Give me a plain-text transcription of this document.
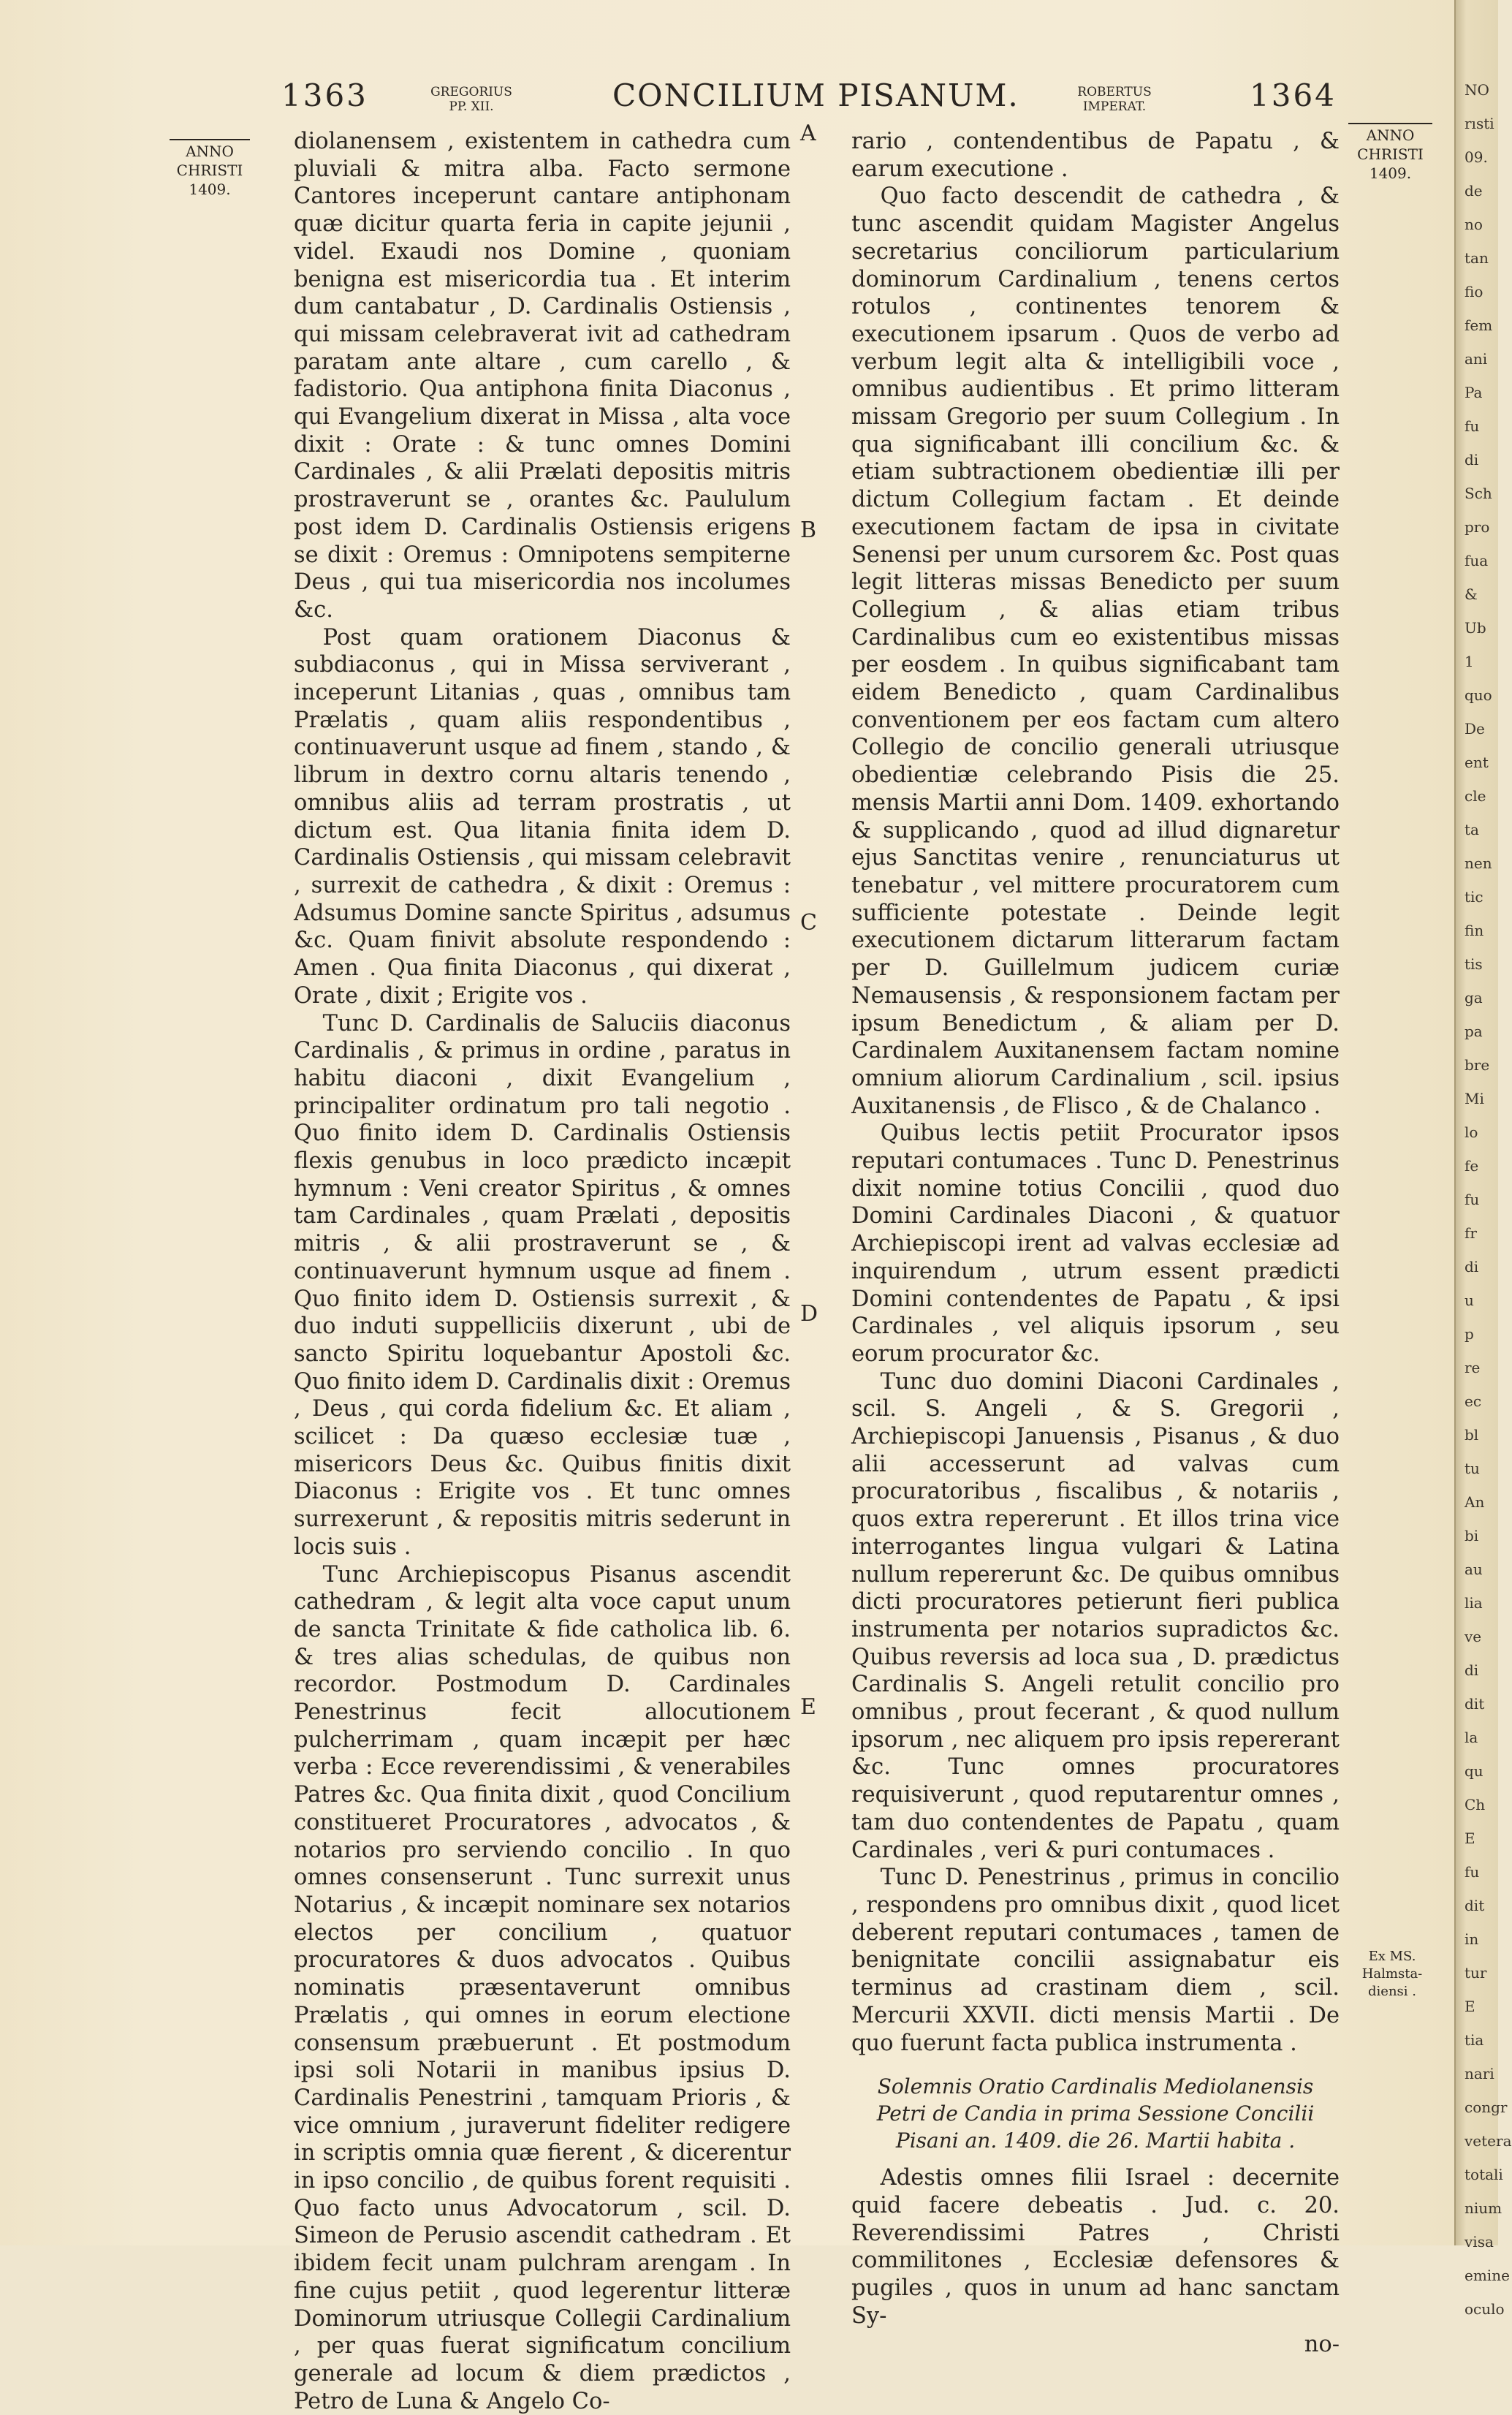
1363	GREGORIUS
PP. XII.	CONCILIUM PISANUM.	ROBERTUS
IMPERAT.	1364
ANNO
CHRISTI
1409.
ANNO
CHRISTI
1409.

diolanensem , existentem in cathedra cum pluviali & mitra alba. Facto sermone Cantores inceperunt cantare antiphonam quæ dicitur quarta feria in capite jejunii , videl. Exaudi nos Domine , quoniam benigna est misericordia tua . Et interim dum cantabatur , D. Cardinalis Ostiensis , qui missam celebraverat ivit ad cathedram paratam ante altare , cum carello , & fadistorio. Qua antiphona finita Diaconus , qui Evangelium dixerat in Missa , alta voce dixit : Orate : & tunc omnes Domini Cardinales , & alii Prælati depositis mitris prostraverunt se , orantes &c. Paululum post idem D. Cardinalis Ostiensis erigens se dixit : Oremus : Omnipotens sempiterne Deus , qui tua misericordia nos incolumes &c.

Post quam orationem Diaconus & subdiaconus , qui in Missa serviverant , inceperunt Litanias , quas , omnibus tam Prælatis , quam aliis respondentibus , continuaverunt usque ad finem , stando , & librum in dextro cornu altaris tenendo , omnibus aliis ad terram prostratis , ut dictum est. Qua litania finita idem D. Cardinalis Ostiensis , qui missam celebravit , surrexit de cathedra , & dixit : Oremus : Adsumus Domine sancte Spiritus , adsumus &c. Quam finivit absolute respondendo : Amen . Qua finita Diaconus , qui dixerat , Orate , dixit ; Erigite vos .

Tunc D. Cardinalis de Saluciis diaconus Cardinalis , & primus in ordine , paratus in habitu diaconi , dixit Evangelium , principaliter ordinatum pro tali negotio . Quo finito idem D. Cardinalis Ostiensis flexis genubus in loco prædicto incæpit hymnum : Veni creator Spiritus , & omnes tam Cardinales , quam Prælati , depositis mitris , & alii prostraverunt se , & continuaverunt hymnum usque ad finem . Quo finito idem D. Ostiensis surrexit , & duo induti suppelliciis dixerunt , ubi de sancto Spiritu loquebantur Apostoli &c. Quo finito idem D. Cardinalis dixit : Oremus , Deus , qui corda fidelium &c. Et aliam , scilicet : Da quæso ecclesiæ tuæ , misericors Deus &c. Quibus finitis dixit Diaconus : Erigite vos . Et tunc omnes surrexerunt , & repositis mitris sederunt in locis suis .

Tunc Archiepiscopus Pisanus ascendit cathedram , & legit alta voce caput unum de sancta Trinitate & fide catholica lib. 6. & tres alias schedulas, de quibus non recordor. Postmodum D. Cardinales Penestrinus fecit allocutionem pulcherrimam , quam incæpit per hæc verba : Ecce reverendissimi , & venerabiles Patres &c. Qua finita dixit , quod Concilium constitueret Procuratores , advocatos , & notarios pro serviendo concilio . In quo omnes consenserunt . Tunc surrexit unus Notarius , & incæpit nominare sex notarios electos per concilium , quatuor procuratores & duos advocatos . Quibus nominatis præsentaverunt omnibus Prælatis , qui omnes in eorum electione consensum præbuerunt . Et postmodum ipsi soli Notarii in manibus ipsius D. Cardinalis Penestrini , tamquam Prioris , & vice omnium , juraverunt fideliter redigere in scriptis omnia quæ fierent , & dicerentur in ipso concilio , de quibus forent requisiti . Quo facto unus Advocatorum , scil. D. Simeon de Perusio ascendit cathedram . Et ibidem fecit unam pulchram arengam . In fine cujus petiit , quod legerentur litteræ Dominorum utriusque Collegii Cardinalium , per quas fuerat significatum concilium generale ad locum & diem prædictos , Petro de Luna & Angelo Co-

A
B
C
D
E

rario , contendentibus de Papatu , & earum executione .

Quo facto descendit de cathedra , & tunc ascendit quidam Magister Angelus secretarius conciliorum particularium dominorum Cardinalium , tenens certos rotulos , continentes tenorem & executionem ipsarum . Quos de verbo ad verbum legit alta & intelligibili voce , omnibus audientibus . Et primo litteram missam Gregorio per suum Collegium . In qua significabant illi concilium &c. & etiam subtractionem obedientiæ illi per dictum Collegium factam . Et deinde executionem factam de ipsa in civitate Senensi per unum cursorem &c. Post quas legit litteras missas Benedicto per suum Collegium , & alias etiam tribus Cardinalibus cum eo existentibus missas per eosdem . In quibus significabant tam eidem Benedicto , quam Cardinalibus conventionem per eos factam cum altero Collegio de concilio generali utriusque obedientiæ celebrando Pisis die 25. mensis Martii anni Dom. 1409. exhortando & supplicando , quod ad illud dignaretur ejus Sanctitas venire , renunciaturus ut tenebatur , vel mittere procuratorem cum sufficiente potestate . Deinde legit executionem dictarum litterarum factam per D. Guillelmum judicem curiæ Nemausensis , & responsionem factam per ipsum Benedictum , & aliam per D. Cardinalem Auxitanensem factam nomine omnium aliorum Cardinalium , scil. ipsius Auxitanensis , de Flisco , & de Chalanco .

Quibus lectis petiit Procurator ipsos reputari contumaces . Tunc D. Penestrinus dixit nomine totius Concilii , quod duo Domini Cardinales Diaconi , & quatuor Archiepiscopi irent ad valvas ecclesiæ ad inquirendum , utrum essent prædicti Domini contendentes de Papatu , & ipsi Cardinales , vel aliquis ipsorum , seu eorum procurator &c.

Tunc duo domini Diaconi Cardinales , scil. S. Angeli , & S. Gregorii , Archiepiscopi Januensis , Pisanus , & duo alii accesserunt ad valvas cum procuratoribus , fiscalibus , & notariis , quos extra repererunt . Et illos trina vice interrogantes lingua vulgari & Latina nullum repererunt &c. De quibus omnibus dicti procuratores petierunt fieri publica instrumenta per notarios supradictos &c. Quibus reversis ad loca sua , D. prædictus Cardinalis S. Angeli retulit concilio pro omnibus , prout fecerant , & quod nullum ipsorum , nec aliquem pro ipsis repererant &c. Tunc omnes procuratores requisiverunt , quod reputarentur omnes , tam duo contendentes de Papatu , quam Cardinales , veri & puri contumaces .

Tunc D. Penestrinus , primus in concilio , respondens pro omnibus dixit , quod licet deberent reputari contumaces , tamen de benignitate concilii assignabatur eis terminus ad crastinam diem , scil. Mercurii XXVII. dicti mensis Martii . De quo fuerunt facta publica instrumenta .

Solemnis Oratio Cardinalis Mediolanensis Petri de Candia in prima Sessione Concilii Pisani an. 1409. die 26. Martii habita .

Adestis omnes filii Israel : decernite quid facere debeatis . Jud. c. 20. Reverendissimi Patres , Christi commilitones , Ecclesiæ defensores & pugiles , quos in unum ad hanc sanctam Sy-

no-
Ex MS.
Halmsta-
diensi .
NO
rısti
09.
de
no
tan
fio
fem
ani
Pa
fu
di
Sch
pro
fua
&
Ub
1
quo
De
ent
cle
ta
nen
tic
fin
tis
ga
pa
bre
Mi
lo
fe
fu
fr
di
u
p
re
ec
bl
tu
An
bi
au
lia
ve
di
dit
la
qu
Ch
E
fu
dit
in
tur
E
tia
nari
congr
vetera
totali
nium
visa
emine
oculo
